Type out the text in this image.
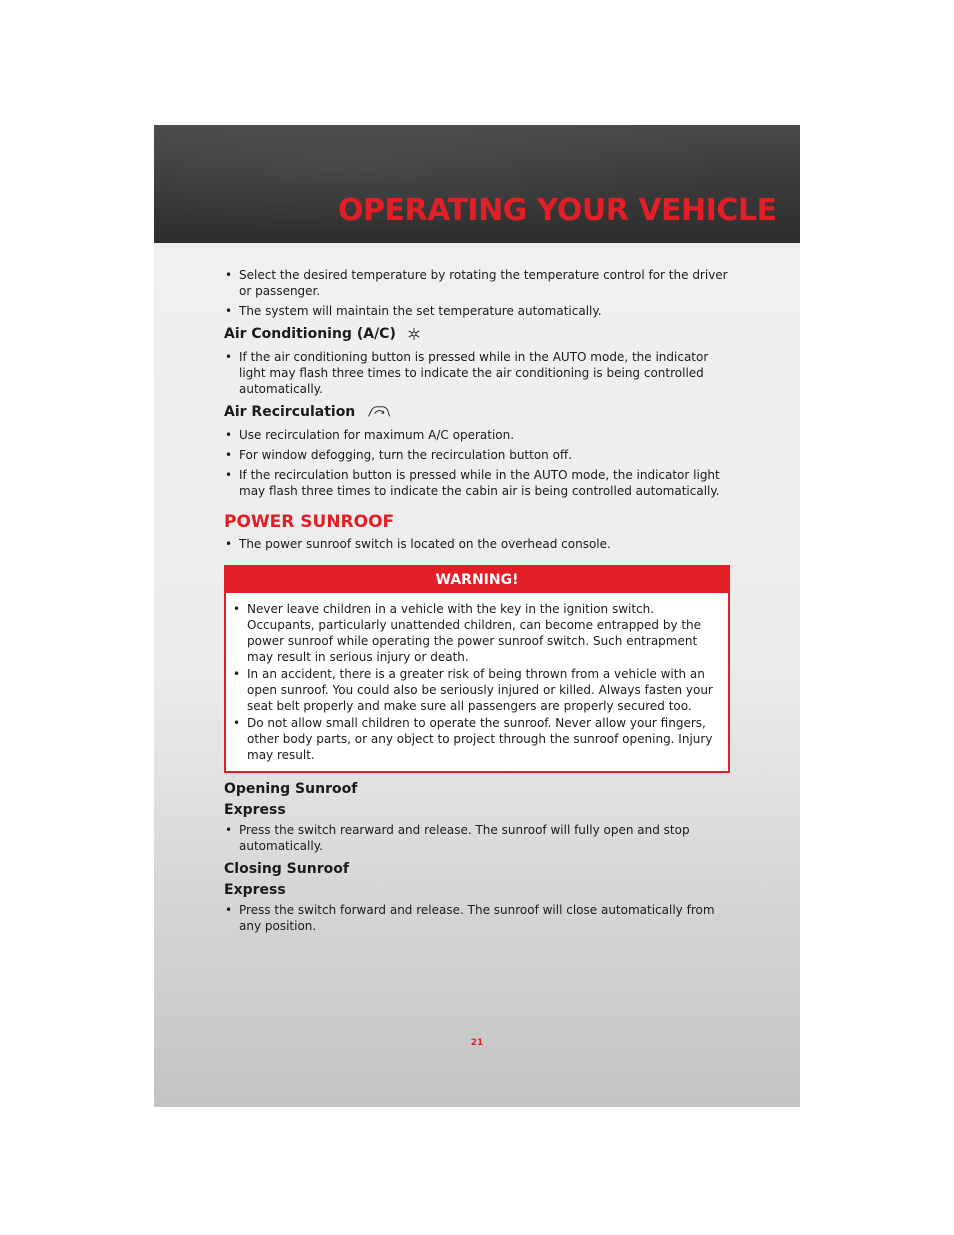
OPERATING YOUR VEHICLE
• Select the desired temperature by rotating the temperature control for the driver or passenger.
• The system will maintain the set temperature automatically.
Air Conditioning (A/C)
• If the air conditioning button is pressed while in the AUTO mode, the indicator light may flash three times to indicate the air conditioning is being controlled automatically.
Air Recirculation
• Use recirculation for maximum A/C operation.
• For window defogging, turn the recirculation button off.
• If the recirculation button is pressed while in the AUTO mode, the indicator light may flash three times to indicate the cabin air is being controlled automatically.
POWER SUNROOF
• The power sunroof switch is located on the overhead console.
WARNING!
• Never leave children in a vehicle with the key in the ignition switch. Occupants, particularly unattended children, can become entrapped by the power sunroof while operating the power sunroof switch. Such entrapment may result in serious injury or death.
• In an accident, there is a greater risk of being thrown from a vehicle with an open sunroof. You could also be seriously injured or killed. Always fasten your seat belt properly and make sure all passengers are properly secured too.
• Do not allow small children to operate the sunroof. Never allow your fingers, other body parts, or any object to project through the sunroof opening. Injury may result.
Opening Sunroof
Express
• Press the switch rearward and release. The sunroof will fully open and stop automatically.
Closing Sunroof
Express
• Press the switch forward and release. The sunroof will close automatically from any position.
21
